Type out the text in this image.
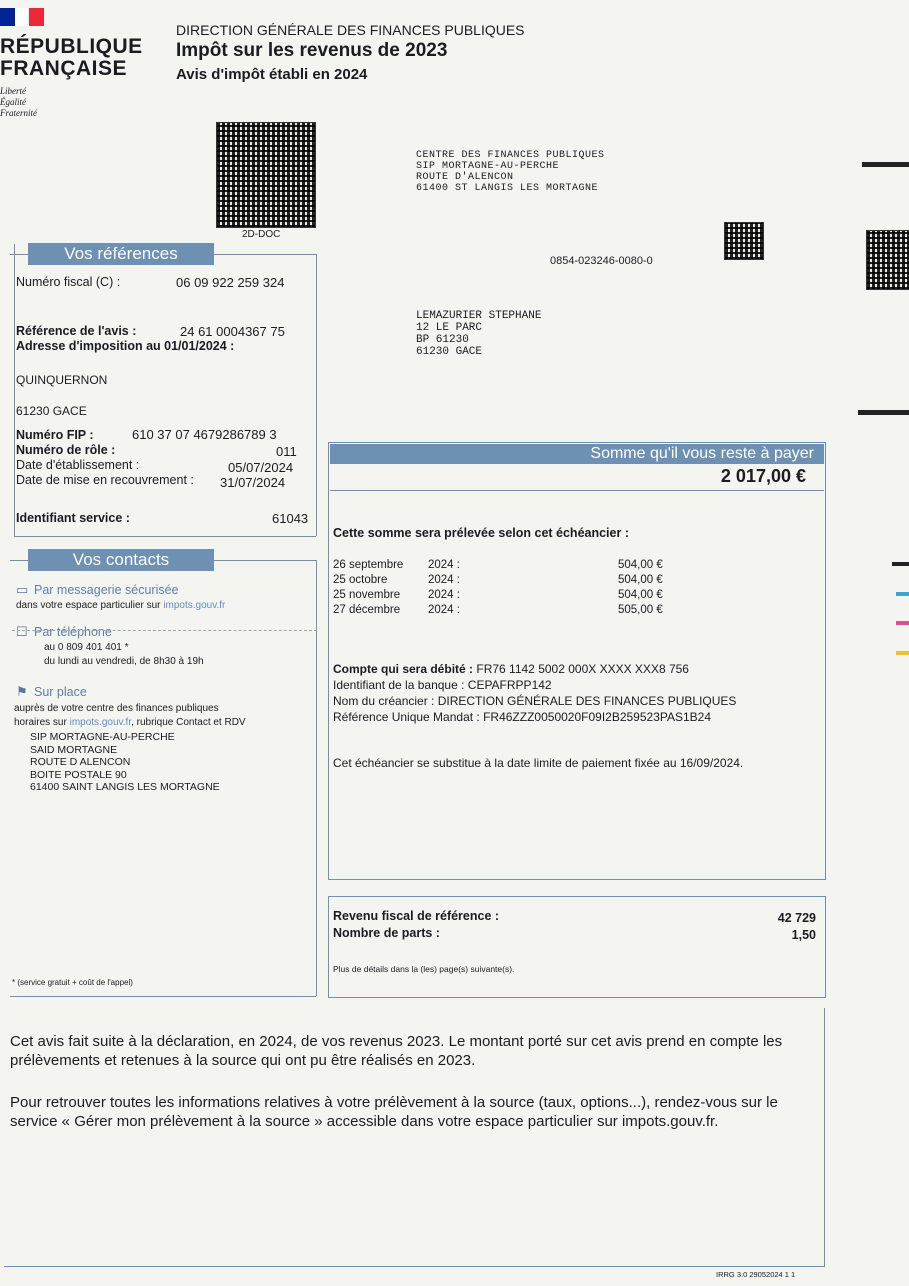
RÉPUBLIQUE
FRANÇAISE
Liberté
Égalité
Fraternité
DIRECTION GÉNÉRALE DES FINANCES PUBLIQUES
Impôt sur les revenus de 2023
Avis d'impôt établi en 2024
2D-DOC
CENTRE DES FINANCES PUBLIQUES
SIP MORTAGNE-AU-PERCHE
ROUTE D'ALENCON
61400 ST LANGIS LES MORTAGNE
0854-023246-0080-0
LEMAZURIER STEPHANE
12 LE PARC
BP 61230
61230 GACE
Vos références
Numéro fiscal (C) :	06 09 922 259 324
Référence de l'avis :	24 61 0004367 75
Adresse d'imposition au 01/01/2024 :
QUINQUERNON
61230 GACE
Numéro FIP :	610 37 07 4679286789 3
Numéro de rôle :	011
Date d'établissement :	05/07/2024
Date de mise en recouvrement : 31/07/2024
Identifiant service :	61043
Vos contacts
▭ Par messagerie sécurisée
dans votre espace particulier sur impots.gouv.fr
☐ Par téléphone
au 0 809 401 401 *
du lundi au vendredi, de 8h30 à 19h
⚑ Sur place
auprès de votre centre des finances publiques
horaires sur impots.gouv.fr, rubrique Contact et RDV
SIP MORTAGNE-AU-PERCHE
SAID MORTAGNE
ROUTE D ALENCON
BOITE POSTALE 90
61400 SAINT LANGIS LES MORTAGNE
* (service gratuit + coût de l'appel)
Somme qu'il vous reste à payer
2 017,00 €
Cette somme sera prélevée selon cet échéancier :
26 septembre 2024 :	504,00 €
25 octobre	2024 :	504,00 €
25 novembre 2024 :	504,00 €
27 décembre 2024 :	505,00 €
Compte qui sera débité : FR76 1142 5002 000X XXXX XXX8 756
Identifiant de la banque : CEPAFRPP142
Nom du créancier : DIRECTION GÉNÉRALE DES FINANCES PUBLIQUES
Référence Unique Mandat : FR46ZZZ0050020F09I2B259523PAS1B24
Cet échéancier se substitue à la date limite de paiement fixée au 16/09/2024.
Revenu fiscal de référence :	42 729
Nombre de parts :	1,50
Plus de détails dans la (les) page(s) suivante(s).
Cet avis fait suite à la déclaration, en 2024, de vos revenus 2023. Le montant porté sur cet avis prend en compte les prélèvements et retenues à la source qui ont pu être réalisés en 2023.
Pour retrouver toutes les informations relatives à votre prélèvement à la source (taux, options...), rendez-vous sur le service « Gérer mon prélèvement à la source » accessible dans votre espace particulier sur impots.gouv.fr.
IRRG 3.0 29052024 1 1
